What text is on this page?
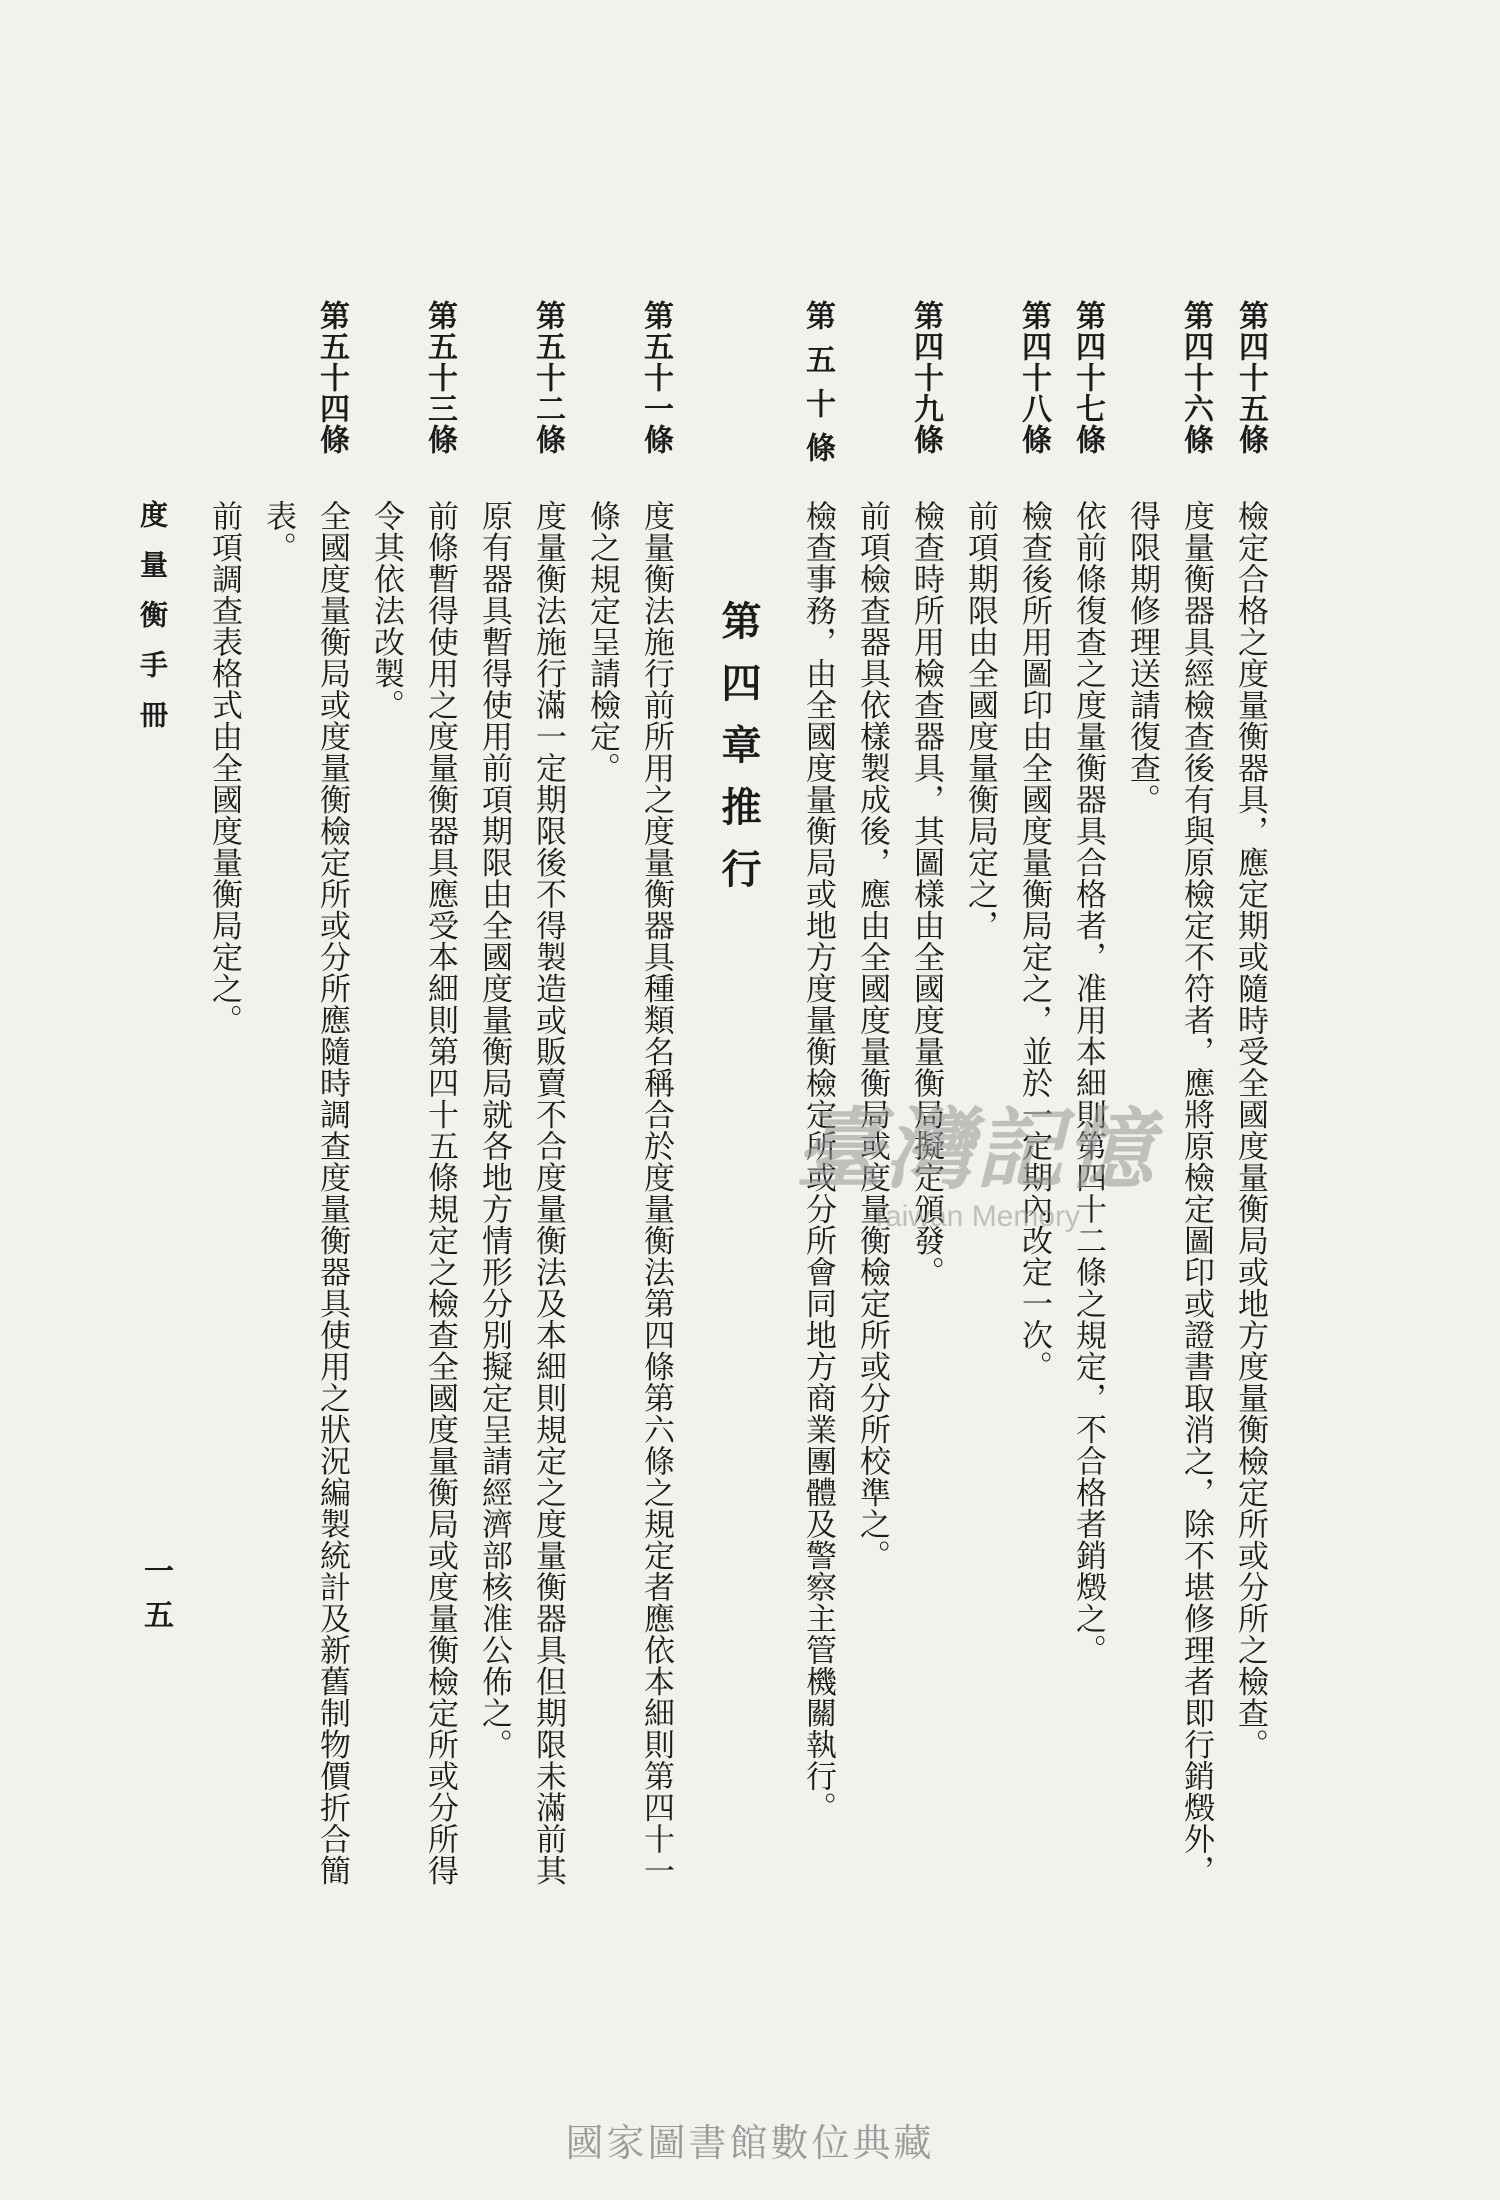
第四十五條
檢定合格之度量衡器具，應定期或隨時受全國度量衡局或地方度量衡檢定所或分所之檢查。
第四十六條
度量衡器具經檢查後有與原檢定不符者，應將原檢定圖印或證書取消之，除不堪修理者即行銷燬外，
得限期修理送請復查。
第四十七條
依前條復查之度量衡器具合格者，准用本細則第四十二條之規定，不合格者銷燬之。
第四十八條
檢查後所用圖印由全國度量衡局定之，並於一定期內改定一次。
前項期限由全國度量衡局定之，
第四十九條
檢查時所用檢查器具，其圖樣由全國度量衡局擬定頒發。
前項檢查器具依樣製成後，應由全國度量衡局或度量衡檢定所或分所校準之。
第五十條
檢查事務，由全國度量衡局或地方度量衡檢定所或分所會同地方商業團體及警察主管機關執行。
第四章推行
第五十一條
度量衡法施行前所用之度量衡器具種類名稱合於度量衡法第四條第六條之規定者應依本細則第四十一
條之規定呈請檢定。
第五十二條
度量衡法施行滿一定期限後不得製造或販賣不合度量衡法及本細則規定之度量衡器具但期限未滿前其
原有器具暫得使用前項期限由全國度量衡局就各地方情形分別擬定呈請經濟部核准公佈之。
第五十三條
前條暫得使用之度量衡器具應受本細則第四十五條規定之檢查全國度量衡局或度量衡檢定所或分所得
令其依法改製。
第五十四條
全國度量衡局或度量衡檢定所或分所應隨時調查度量衡器具使用之狀況編製統計及新舊制物價折合簡
表。
前項調查表格式由全國度量衡局定之。
度量衡手冊
一五
臺灣記憶
Taiwan Memory
國家圖書館數位典藏
